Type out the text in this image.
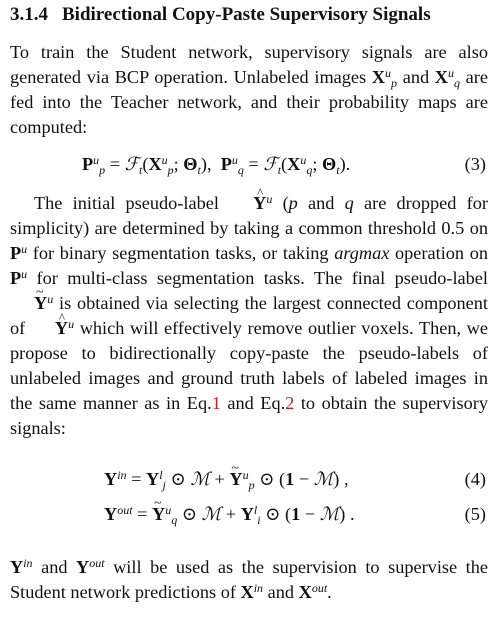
3.1.4 Bidirectional Copy-Paste Supervisory Signals

To train the Student network, supervisory signals are also generated via BCP operation. Unlabeled images $X^u_p$ and $X^u_q$ are fed into the Teacher network, and their probability maps are computed:

$P^u_p$ = $ℱ_t(X^u_p$; $\Theta_t$),  $P^u_q$ = $ℱ_t(X^u_q$; $\Theta_t$).	(3)

The initial pseudo-label ^ $Y^u$ (p and q are dropped for simplicity) are determined by taking a common threshold 0.5 on $P^u$ for binary segmentation tasks, or taking argmax operation on $P^u$ for multi-class segmentation tasks. The final pseudo-label ~ $Y^u$ is obtained via selecting the largest connected component of ^ $Y^u$ which will effectively remove outlier voxels. Then, we propose to bidirectionally copy-paste the pseudo-labels of unlabeled images and ground truth labels of labeled images in the same manner as in Eq.1 and Eq.2 to obtain the supervisory signals:

$Y^{in} = Y^l_j$ ⊙ ℳ + ~ $Y^u_p$ ⊙ (1 − ℳ) ,	(4)
$Y^{out}$ = ~ $Y^u_q$ ⊙ ℳ + $Y^l_i$ ⊙ (1 − ℳ) .	(5)

$Y^{in}$ and $Y^{out}$ will be used as the supervision to supervise the Student network predictions of $X^{in}$ and $X^{out}$.
